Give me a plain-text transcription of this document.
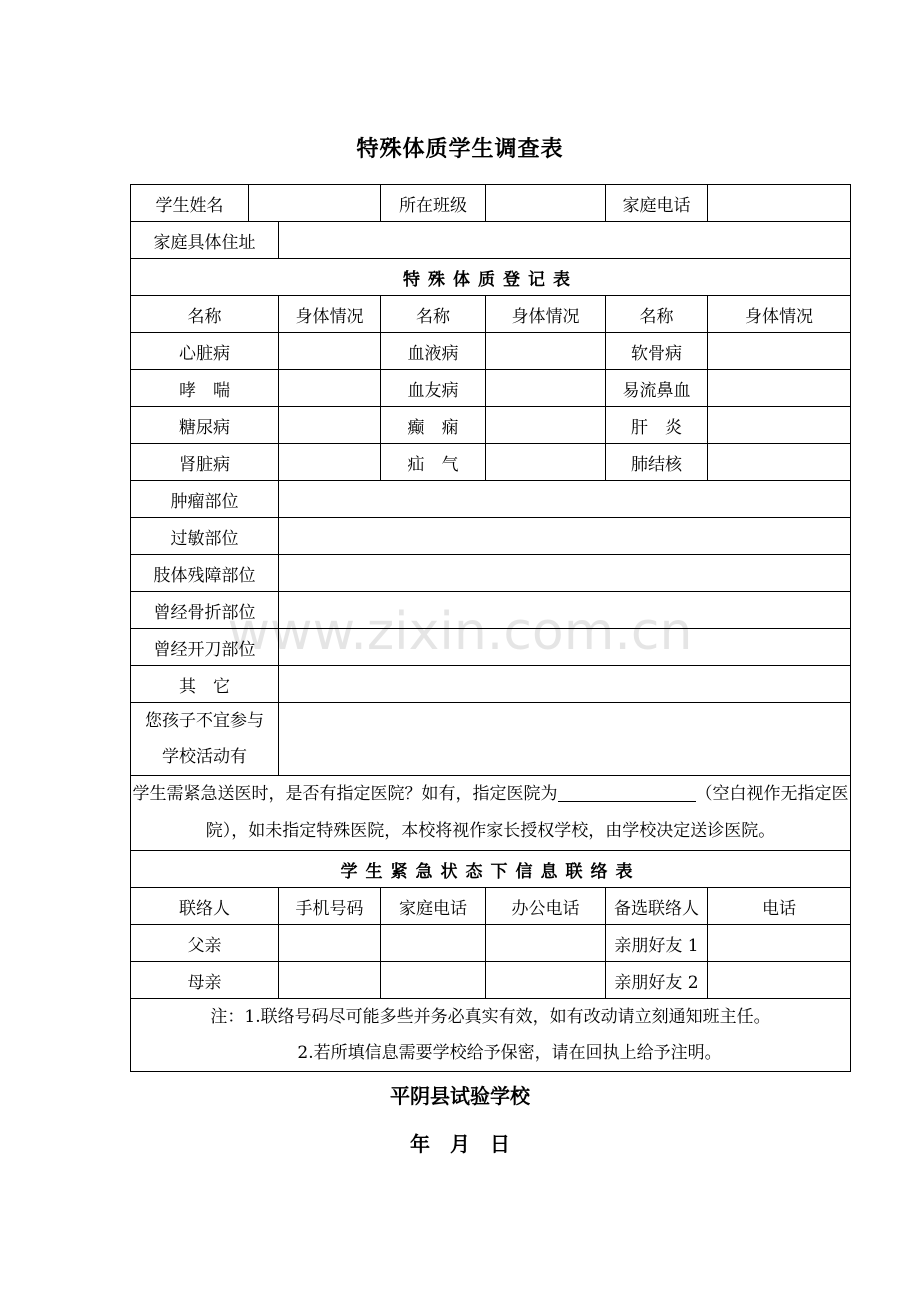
特殊体质学生调查表
学生姓名			所在班级		家庭电话	
家庭具体住址						
特殊体质登记表						
名称		身体情况	名称	身体情况	名称	身体情况
心脏病			血液病		软骨病	
哮　喘			血友病		易流鼻血	
糖尿病			癫　痫		肝　炎	
肾脏病			疝　气		肺结核	
肿瘤部位						
过敏部位						
肢体残障部位						
曾经骨折部位						
曾经开刀部位						
其　它						

您孩子不宜参与
学校活动有						

学生需紧急送医时，是否有指定医院？如有，指定医院为 （空白视作无指定医院），如未指定特殊医院，本校将视作家长授权学校，由学校决定送诊医院。						
学生紧急状态下信息联络表						
联络人		手机号码	家庭电话	办公电话	备选联络人	电话
父亲					亲朋好友 1	
母亲					亲朋好友 2	

注：1.联络号码尽可能多些并务必真实有效，如有改动请立刻通知班主任。
2.若所填信息需要学校给予保密，请在回执上给予注明。						
www.zixin.com.cn
平阴县试验学校
年　月　日
